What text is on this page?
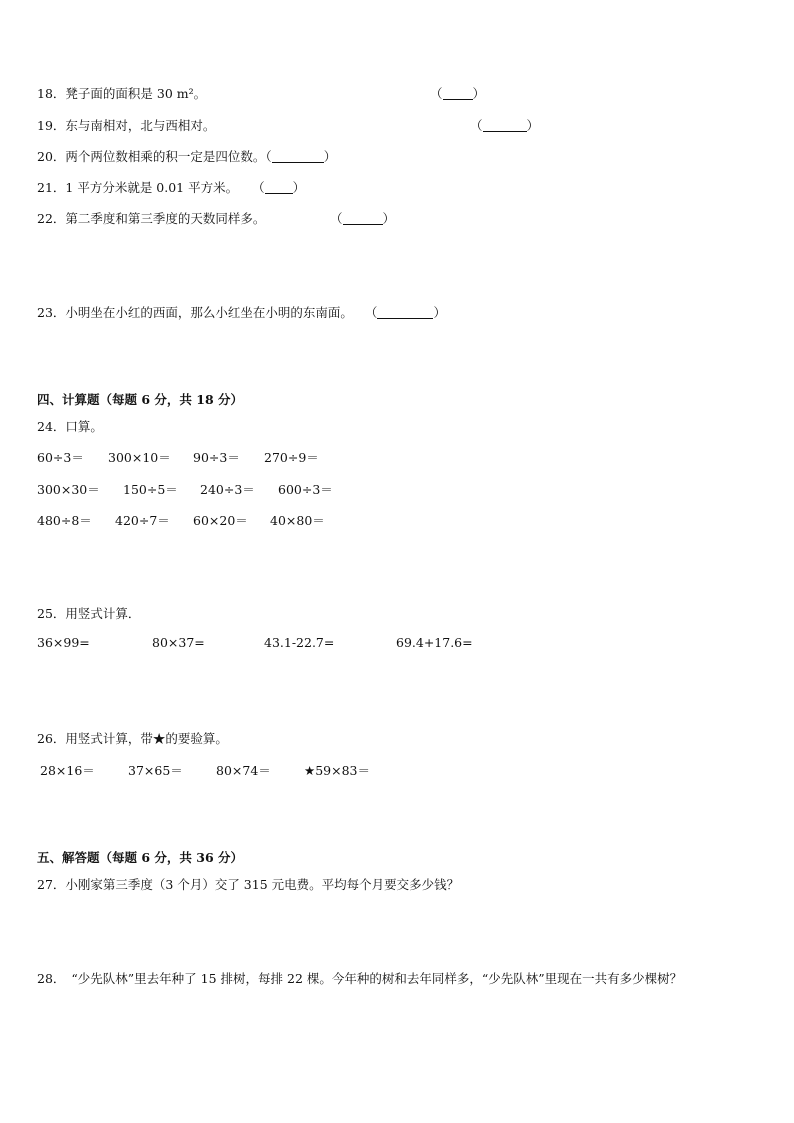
18．凳子面的面积是 30 m²。	（ ）
19．东与南相对，北与西相对。	（	）
20．两个两位数相乘的积一定是四位数。（	）
21．1 平方分米就是 0.01 平方米。 （ ）
22．第二季度和第三季度的天数同样多。	（	）
23．小明坐在小红的西面，那么小红坐在小明的东南面。 （	）
四、计算题（每题 6 分，共 18 分）
24．口算。
60÷3＝ 300×10＝ 90÷3＝ 270÷9＝
300×30＝ 150÷5＝ 240÷3＝ 600÷3＝
480÷8＝ 420÷7＝ 60×20＝ 40×80＝
25．用竖式计算．
36×99=	80×37=	43.1-22.7=	69.4+17.6=
26．用竖式计算，带★的要验算。
28×16＝	37×65＝	80×74＝	★59×83＝
五、解答题（每题 6 分，共 36 分）
27．小刚家第三季度（3 个月）交了 315 元电费。平均每个月要交多少钱？
28． “少先队林”里去年种了 15 排树，每排 22 棵。今年种的树和去年同样多，“少先队林”里现在一共有多少棵树？
